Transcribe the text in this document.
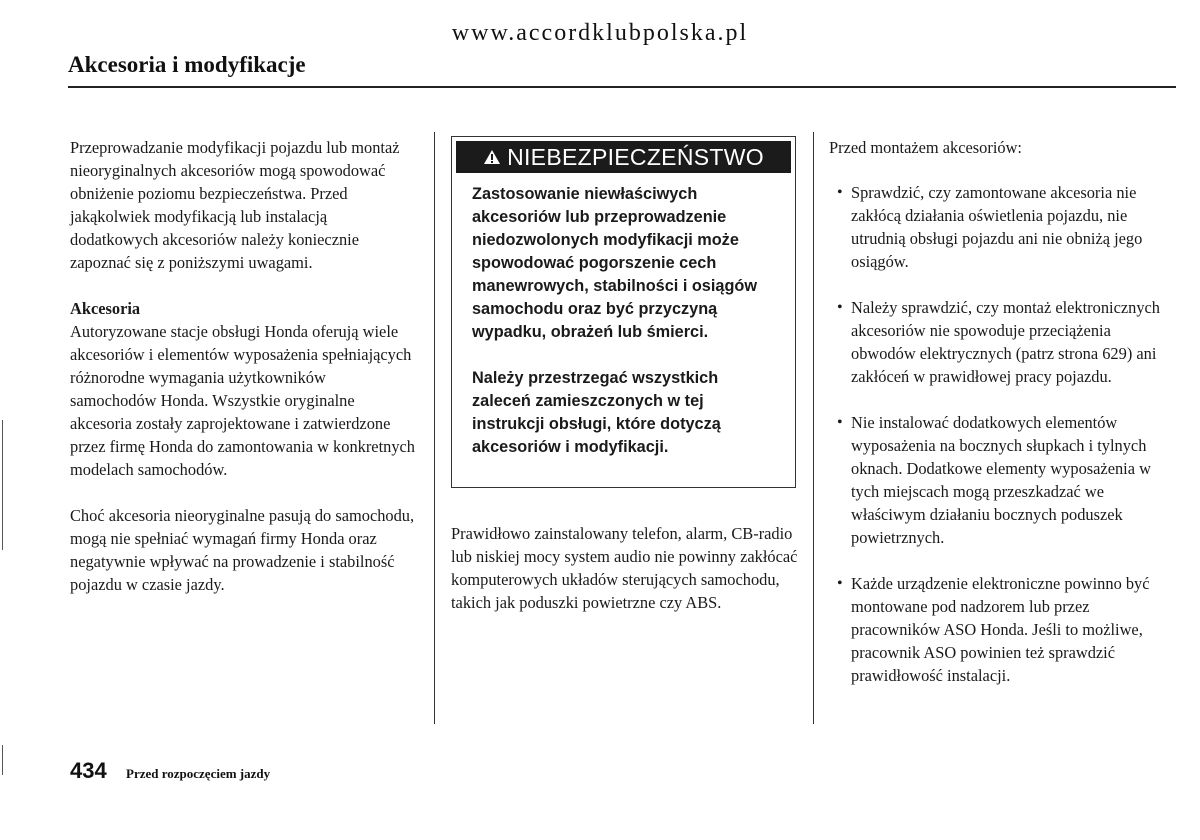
www.accordklubpolska.pl
Akcesoria i modyfikacje

Przeprowadzanie modyfikacji pojazdu lub montaż nieoryginalnych akcesoriów mogą spowodować obniżenie poziomu bezpieczeństwa. Przed jakąkolwiek modyfikacją lub instalacją dodatkowych akcesoriów należy koniecznie zapoznać się z poniższymi uwagami.

Akcesoria

Autoryzowane stacje obsługi Honda oferują wiele akcesoriów i elementów wyposażenia spełniających różnorodne wymagania użytkowników samochodów Honda. Wszystkie oryginalne akcesoria zostały zaprojektowane i zatwierdzone przez firmę Honda do zamontowania w konkretnych modelach samochodów.

Choć akcesoria nieoryginalne pasują do samochodu, mogą nie spełniać wymagań firmy Honda oraz negatywnie wpływać na prowadzenie i stabilność pojazdu w czasie jazdy.

NIEBEZPIECZEŃSTWO

Zastosowanie niewłaściwych akcesoriów lub przeprowadzenie niedozwolonych modyfikacji może spowodować pogorszenie cech manewrowych, stabilności i osiągów samochodu oraz być przyczyną wypadku, obrażeń lub śmierci.

Należy przestrzegać wszystkich zaleceń zamieszczonych w tej instrukcji obsługi, które dotyczą akcesoriów i modyfikacji.

Prawidłowo zainstalowany telefon, alarm, CB-radio lub niskiej mocy system audio nie powinny zakłócać komputerowych układów sterujących samochodu, takich jak poduszki powietrzne czy ABS.

Przed montażem akcesoriów:

• Sprawdzić, czy zamontowane akcesoria nie zakłócą działania oświetlenia pojazdu, nie utrudnią obsługi pojazdu ani nie obniżą jego osiągów.
• Należy sprawdzić, czy montaż elektronicznych akcesoriów nie spowoduje przeciążenia obwodów elektrycznych (patrz strona 629) ani zakłóceń w prawidłowej pracy pojazdu.
• Nie instalować dodatkowych elementów wyposażenia na bocznych słupkach i tylnych oknach. Dodatkowe elementy wyposażenia w tych miejscach mogą przeszkadzać we właściwym działaniu bocznych poduszek powietrznych.
• Każde urządzenie elektroniczne powinno być montowane pod nadzorem lub przez pracowników ASO Honda. Jeśli to możliwe, pracownik ASO powinien też sprawdzić prawidłowość instalacji.
434 Przed rozpoczęciem jazdy
